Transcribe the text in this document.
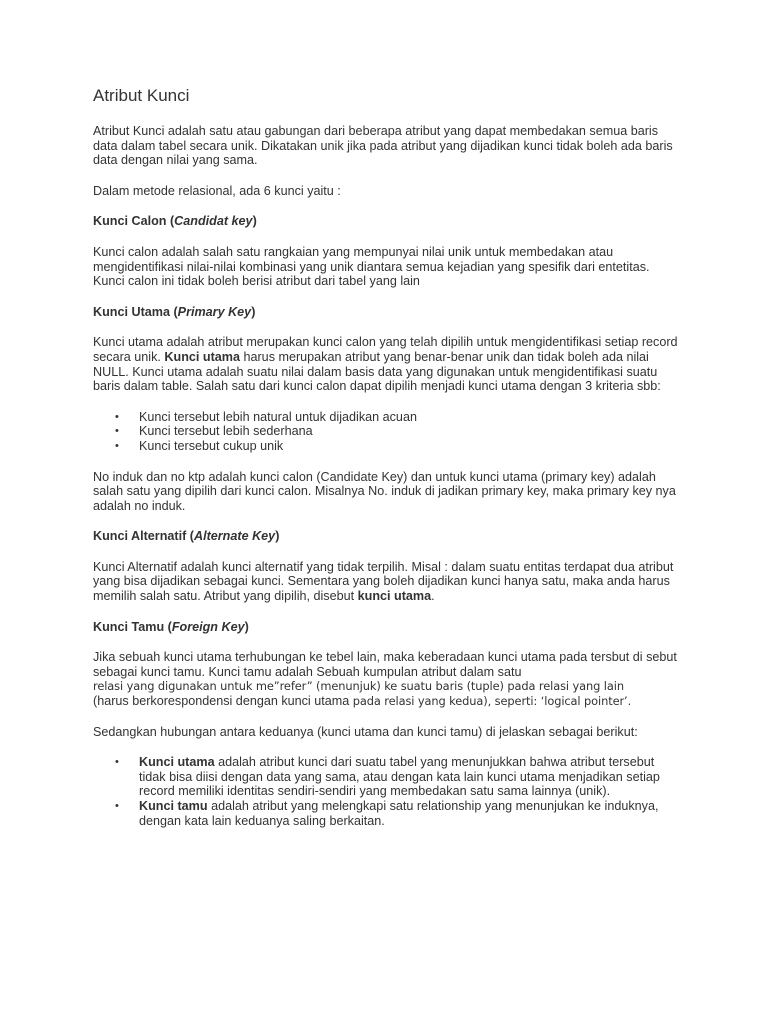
Atribut Kunci

Atribut Kunci adalah satu atau gabungan dari beberapa atribut yang dapat membedakan semua baris data dalam tabel secara unik. Dikatakan unik jika pada atribut yang dijadikan kunci tidak boleh ada baris data dengan nilai yang sama.

Dalam metode relasional, ada 6 kunci yaitu :

Kunci Calon (Candidat key)

Kunci calon adalah salah satu rangkaian yang mempunyai nilai unik untuk membedakan atau mengidentifikasi nilai-nilai kombinasi yang unik diantara semua kejadian yang spesifik dari entetitas. Kunci calon ini tidak boleh berisi atribut dari tabel yang lain

Kunci Utama (Primary Key)

Kunci utama adalah atribut merupakan kunci calon yang telah dipilih untuk mengidentifikasi setiap record secara unik. Kunci utama harus merupakan atribut yang benar-benar unik dan tidak boleh ada nilai NULL. Kunci utama adalah suatu nilai dalam basis data yang digunakan untuk mengidentifikasi suatu baris dalam table. Salah satu dari kunci calon dapat dipilih menjadi kunci utama dengan 3 kriteria sbb:

• Kunci tersebut lebih natural untuk dijadikan acuan
• Kunci tersebut lebih sederhana
• Kunci tersebut cukup unik

No induk dan no ktp adalah kunci calon (Candidate Key) dan untuk kunci utama (primary key) adalah salah satu yang dipilih dari kunci calon. Misalnya No. induk di jadikan primary key, maka primary key nya adalah no induk.

Kunci Alternatif (Alternate Key)

Kunci Alternatif adalah kunci alternatif yang tidak terpilih. Misal : dalam suatu entitas terdapat dua atribut yang bisa dijadikan sebagai kunci. Sementara yang boleh dijadikan kunci hanya satu, maka anda harus memilih salah satu. Atribut yang dipilih, disebut kunci utama.

Kunci Tamu (Foreign Key)

Jika sebuah kunci utama terhubungan ke tebel lain, maka keberadaan kunci utama pada tersbut di sebut sebagai kunci tamu. Kunci tamu adalah Sebuah kumpulan atribut dalam satu
relasi yang digunakan untuk me”refer” (menunjuk) ke suatu baris (tuple) pada relasi yang lain
(harus berkorespondensi dengan kunci utama pada relasi yang kedua), seperti: ‘logical pointer’.

Sedangkan hubungan antara keduanya (kunci utama dan kunci tamu) di jelaskan sebagai berikut:

• Kunci utama adalah atribut kunci dari suatu tabel yang menunjukkan bahwa atribut tersebut tidak bisa diisi dengan data yang sama, atau dengan kata lain kunci utama menjadikan setiap record memiliki identitas sendiri-sendiri yang membedakan satu sama lainnya (unik).
• Kunci tamu adalah atribut yang melengkapi satu relationship yang menunjukan ke induknya, dengan kata lain keduanya saling berkaitan.
